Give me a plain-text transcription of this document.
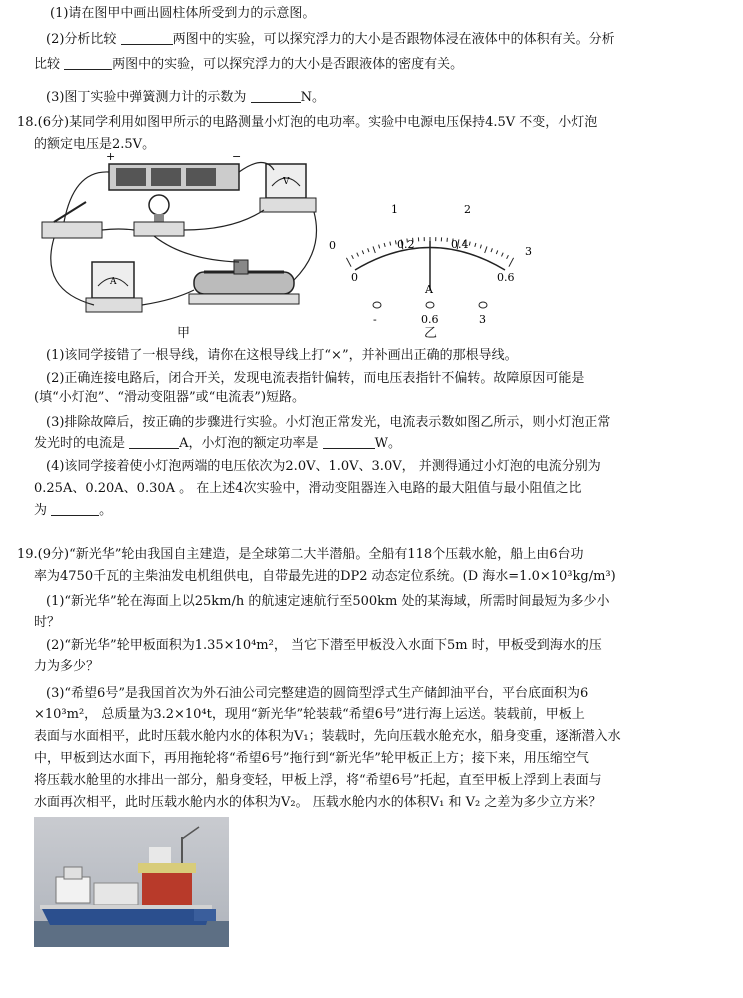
(1)请在图甲中画出圆柱体所受到力的示意图。
(2)分析比较	两图中的实验，可以探究浮力的大小是否跟物体浸在液体中的体积有关。分析
比较	两图中的实验，可以探究浮力的大小是否跟液体的密度有关。
(3)图丁实验中弹簧测力计的示数为	N。
18.(6分)某同学利用如图甲所示的电路测量小灯泡的电功率。实验中电源电压保持4.5V 不变，小灯泡
的额定电压是2.5V。
+	−
V
A
甲
1	2
0	3
0.2	0.4
0	0.6
A
-	0.6	3
乙
(1)该同学接错了一根导线，请你在这根导线上打“×”，并补画出正确的那根导线。
(2)正确连接电路后，闭合开关，发现电流表指针偏转，而电压表指针不偏转。故障原因可能是
(填“小灯泡”、“滑动变阻器”或“电流表”)短路。
(3)排除故障后，按正确的步骤进行实验。小灯泡正常发光，电流表示数如图乙所示，则小灯泡正常
发光时的电流是	A，小灯泡的额定功率是	W。
(4)该同学接着使小灯泡两端的电压依次为2.0V、1.0V、3.0V， 并测得通过小灯泡的电流分别为
0.25A、0.20A、0.30A 。 在上述4次实验中，滑动变阻器连入电路的最大阻值与最小阻值之比
为	。
19.(9分)“新光华”轮由我国自主建造，是全球第二大半潜船。全船有118个压载水舱，船上由6台功
率为4750千瓦的主柴油发电机组供电，自带最先进的DP2 动态定位系统。(D 海水=1.0×10³kg/m³)
(1)“新光华”轮在海面上以25km/h 的航速定速航行至500km 处的某海域，所需时间最短为多少小
时？
(2)“新光华”轮甲板面积为1.35×10⁴m²， 当它下潜至甲板没入水面下5m 时，甲板受到海水的压
力为多少？
(3)“希望6号”是我国首次为外石油公司完整建造的圆筒型浮式生产储卸油平台，平台底面积为6
×10³m²， 总质量为3.2×10⁴t，现用“新光华”轮装载“希望6号”进行海上运送。装载前，甲板上
表面与水面相平，此时压载水舱内水的体积为V₁；装载时，先向压载水舱充水，船身变重，逐渐潜入水
中，甲板到达水面下，再用拖轮将“希望6号”拖行到“新光华”轮甲板正上方；接下来，用压缩空气
将压载水舱里的水排出一部分，船身变轻，甲板上浮，将“希望6号”托起，直至甲板上浮到上表面与
水面再次相平，此时压载水舱内水的体积为V₂。 压载水舱内水的体积V₁ 和 V₂ 之差为多少立方米？
